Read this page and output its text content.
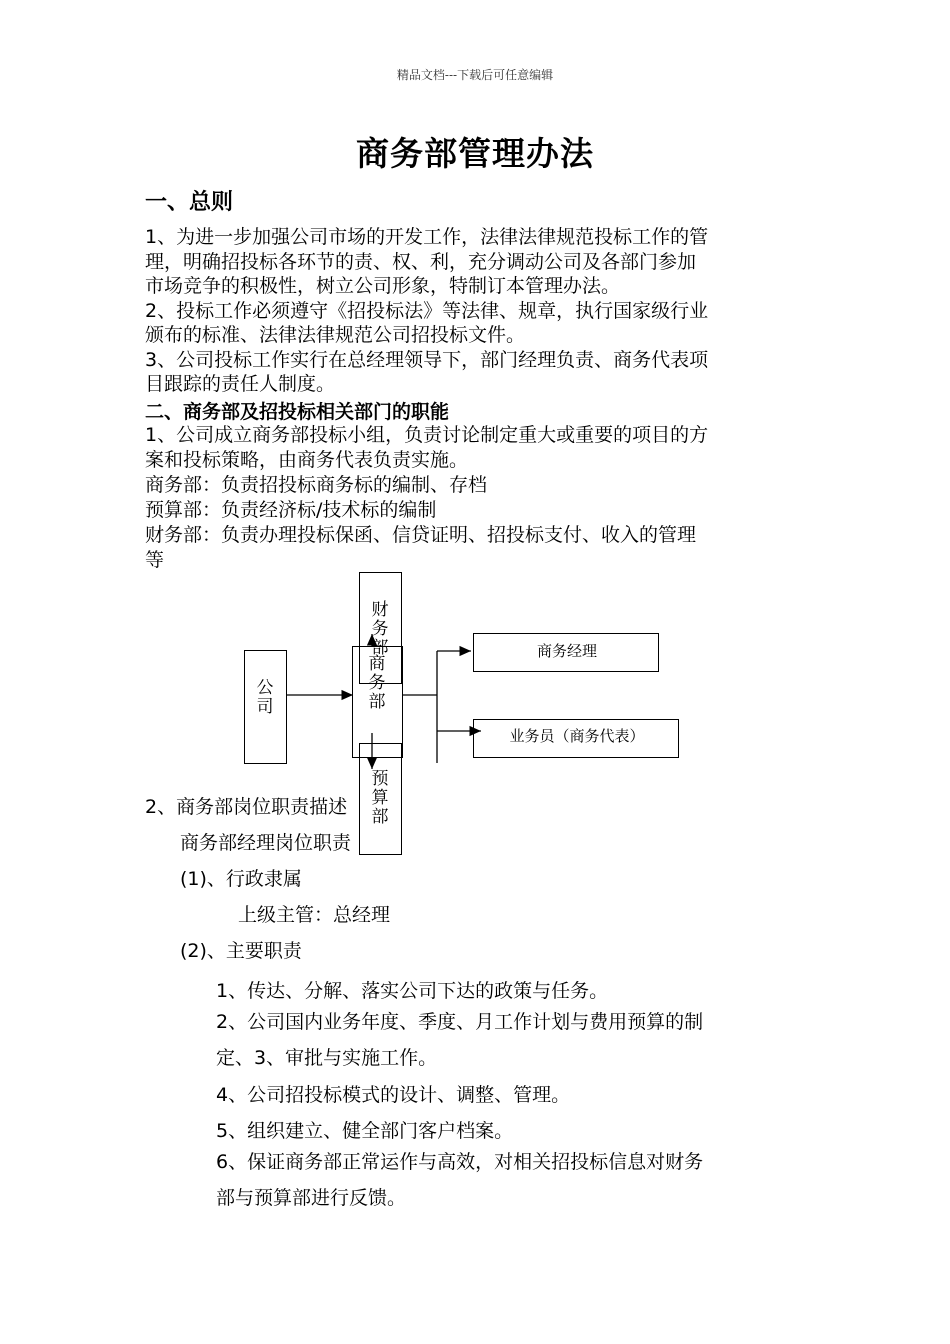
精品文档---下载后可任意编辑
商务部管理办法
一、总则
1、为进一步加强公司市场的开发工作，法律法律规范投标工作的管
理，明确招投标各环节的责、权、利，充分调动公司及各部门参加
市场竞争的积极性，树立公司形象，特制订本管理办法。
2、投标工作必须遵守《招投标法》等法律、规章，执行国家级行业
颁布的标准、法律法律规范公司招投标文件。
3、公司投标工作实行在总经理领导下，部门经理负责、商务代表项
目跟踪的责任人制度。
二、商务部及招投标相关部门的职能
1、公司成立商务部投标小组，负责讨论制定重大或重要的项目的方
案和投标策略，由商务代表负责实施。
商务部：负责招投标商务标的编制、存档
预算部：负责经济标/技术标的编制
财务部：负责办理投标保函、信贷证明、招投标支付、收入的管理
等
公司
财务部
商务部
预算部
商务经理
业务员（商务代表）
2、商务部岗位职责描述
商务部经理岗位职责
(1)、行政隶属
上级主管：总经理
(2)、主要职责
1、传达、分解、落实公司下达的政策与任务。
2、公司国内业务年度、季度、月工作计划与费用预算的制
定、3、审批与实施工作。
4、公司招投标模式的设计、调整、管理。
5、组织建立、健全部门客户档案。
6、保证商务部正常运作与高效，对相关招投标信息对财务
部与预算部进行反馈。
